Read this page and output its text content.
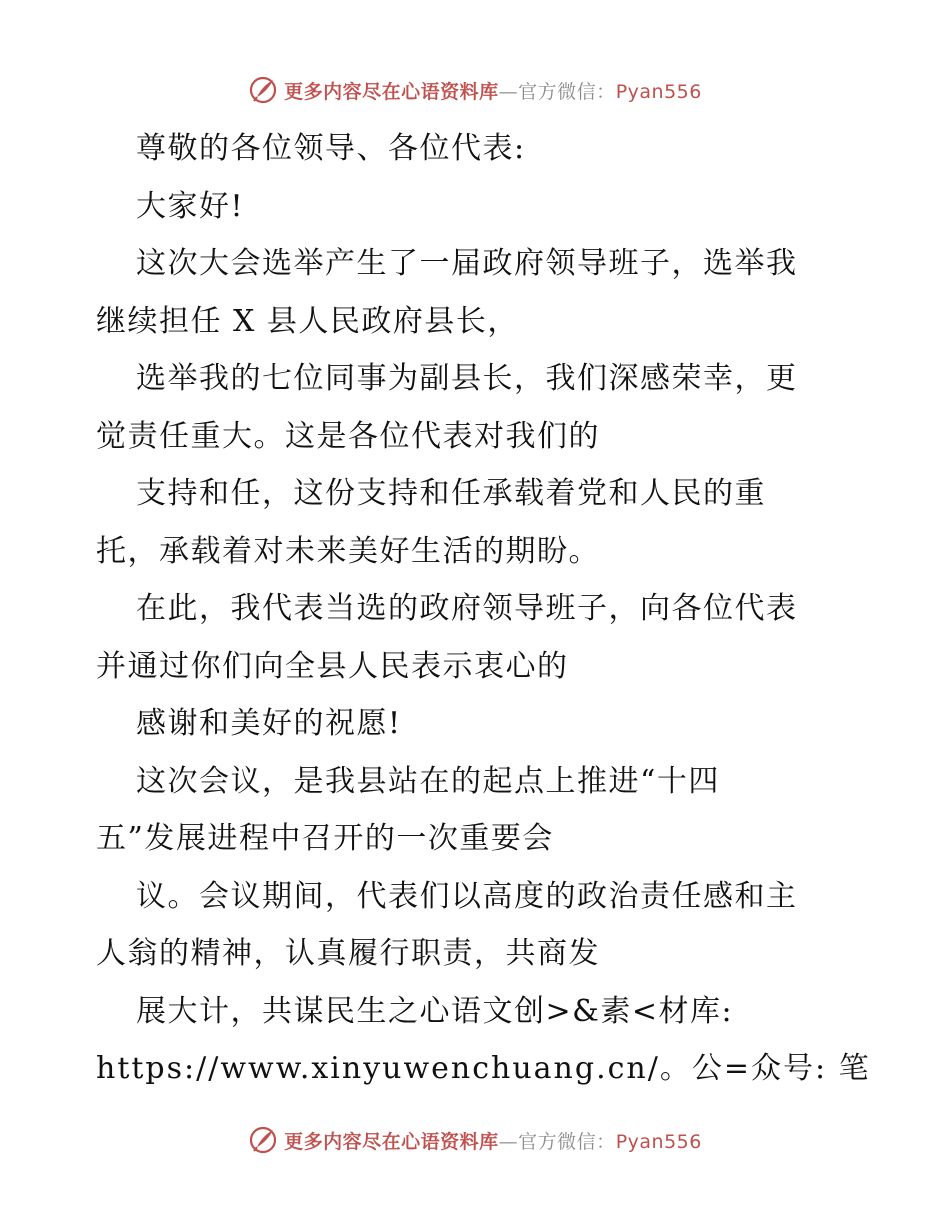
更多内容尽在心语资料库—官方微信：Pyan556
尊敬的各位领导、各位代表:
大家好!
这次大会选举产生了一届政府领导班子，选举我
继续担任 X 县人民政府县长，
选举我的七位同事为副县长，我们深感荣幸，更
觉责任重大。这是各位代表对我们的
支持和任，这份支持和任承载着党和人民的重
托，承载着对未来美好生活的期盼。
在此，我代表当选的政府领导班子，向各位代表
并通过你们向全县人民表示衷心的
感谢和美好的祝愿!
这次会议，是我县站在的起点上推进“十四
五”发展进程中召开的一次重要会
议。会议期间，代表们以高度的政治责任感和主
人翁的精神，认真履行职责，共商发
展大计，共谋民生之心语文创>&素<材库:
https://www.xinyuwenchuang.cn/。公=众号: 笔
更多内容尽在心语资料库—官方微信：Pyan556
